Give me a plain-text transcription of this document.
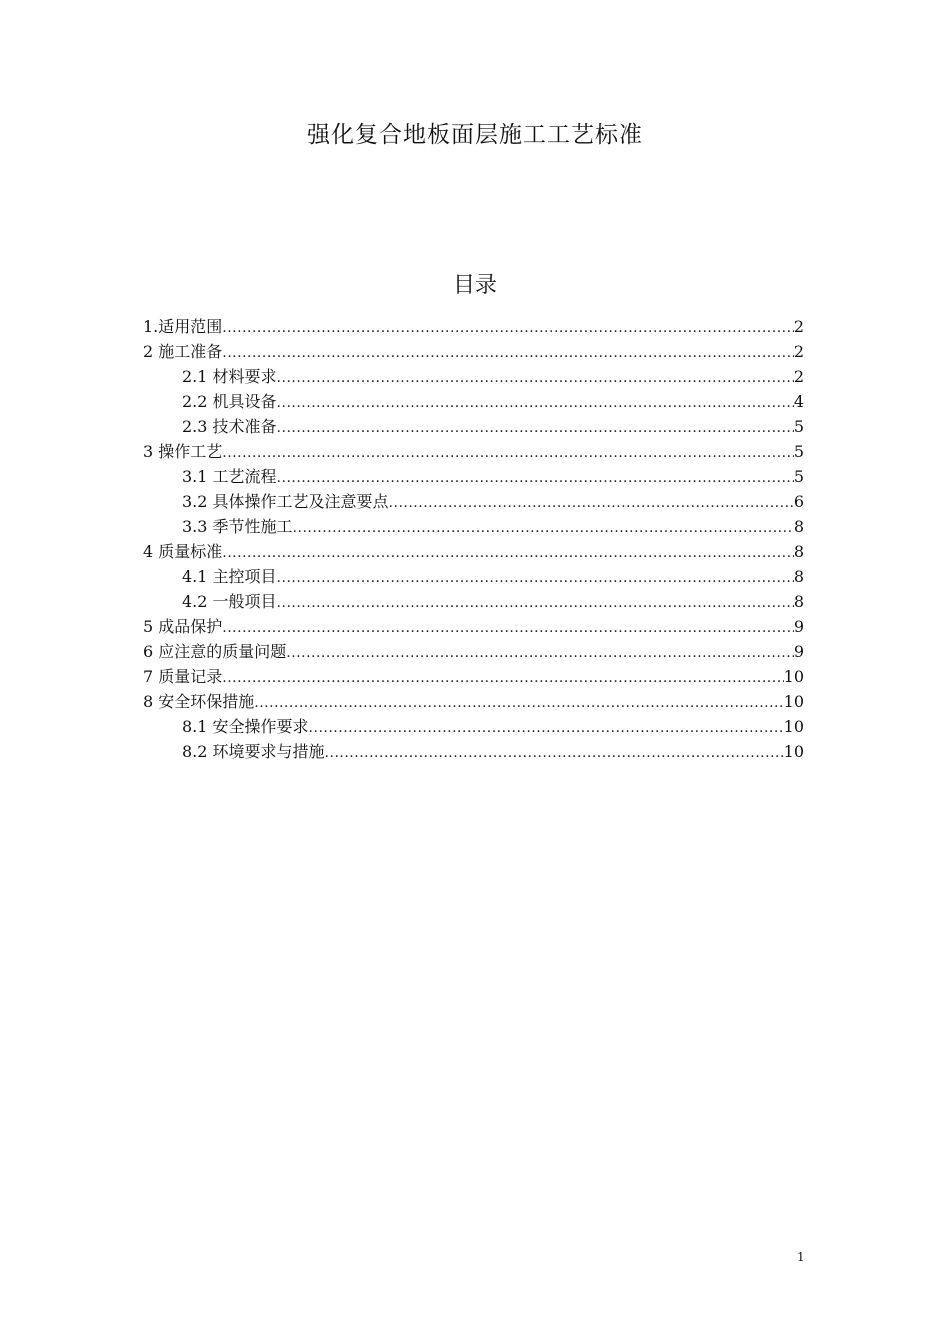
强化复合地板面层施工工艺标准
目录
1.适用范围 .....	2
2 施工准备 .....	2
2.1 材料要求 .....	2
2.2 机具设备 .....	4
2.3 技术准备 .....	5
3 操作工艺 .....	5
3.1 工艺流程 .....	5
3.2 具体操作工艺及注意要点 .....	6
3.3 季节性施工 .....	8
4 质量标准 .....	8
4.1 主控项目 .....	8
4.2 一般项目 .....	8
5 成品保护 .....	9
6 应注意的质量问题 .....	9
7 质量记录 .....	10
8 安全环保措施 .....	10
8.1 安全操作要求 .....	10
8.2 环境要求与措施 .....	10
1
